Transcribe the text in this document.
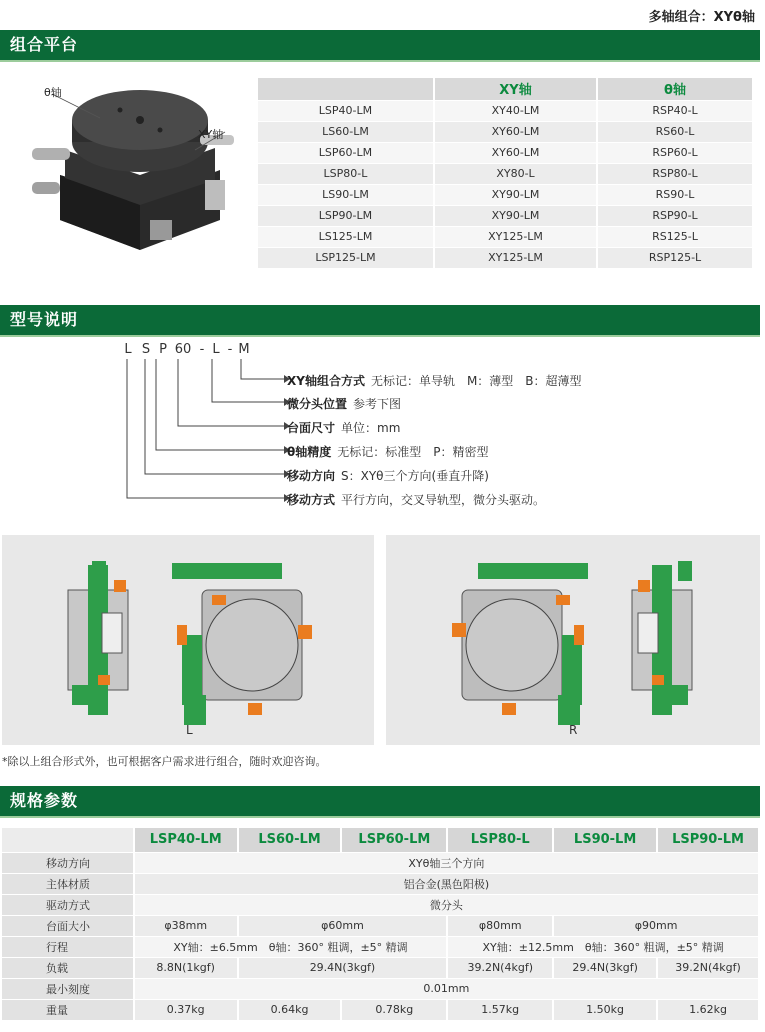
多轴组合：XYθ轴
组合平台
θ轴
XY轴
	XY轴	θ轴
LSP40-LM	XY40-LM	RSP40-L
LS60-LM	XY60-LM	RS60-L
LSP60-LM	XY60-LM	RSP60-L
LSP80-L	XY80-L	RSP80-L
LS90-LM	XY90-LM	RS90-L
LSP90-LM	XY90-LM	RSP90-L
LS125-LM	XY125-LM	RS125-L
LSP125-LM	XY125-LM	RSP125-L
型号说明
L S P 60 - L - M
XY轴组合方式 无标记：单导轨　M：薄型　B：超薄型
微分头位置 参考下图
台面尺寸 单位：mm
θ轴精度 无标记：标准型　P：精密型
移动方向 S：XYθ三个方向(垂直升降)
移动方式 平行方向，交叉导轨型，微分头驱动。
L	R
*除以上组合形式外，也可根据客户需求进行组合，随时欢迎咨询。
规格参数
	LSP40-LM	LS60-LM	LSP60-LM	LSP80-L	LS90-LM	LSP90-LM
移动方向	XYθ轴三个方向					
主体材质	铝合金(黑色阳极)					
驱动方式	微分头					
台面大小	φ38mm	φ60mm		φ80mm	φ90mm	
行程	XY轴：±6.5mm　θ轴：360° 粗调，±5° 精调			XY轴：±12.5mm　θ轴：360° 粗调，±5° 精调		
负载	8.8N(1kgf)	29.4N(3kgf)		39.2N(4kgf)	29.4N(3kgf)	39.2N(4kgf)
最小刻度	0.01mm					
重量	0.37kg	0.64kg	0.78kg	1.57kg	1.50kg	1.62kg
